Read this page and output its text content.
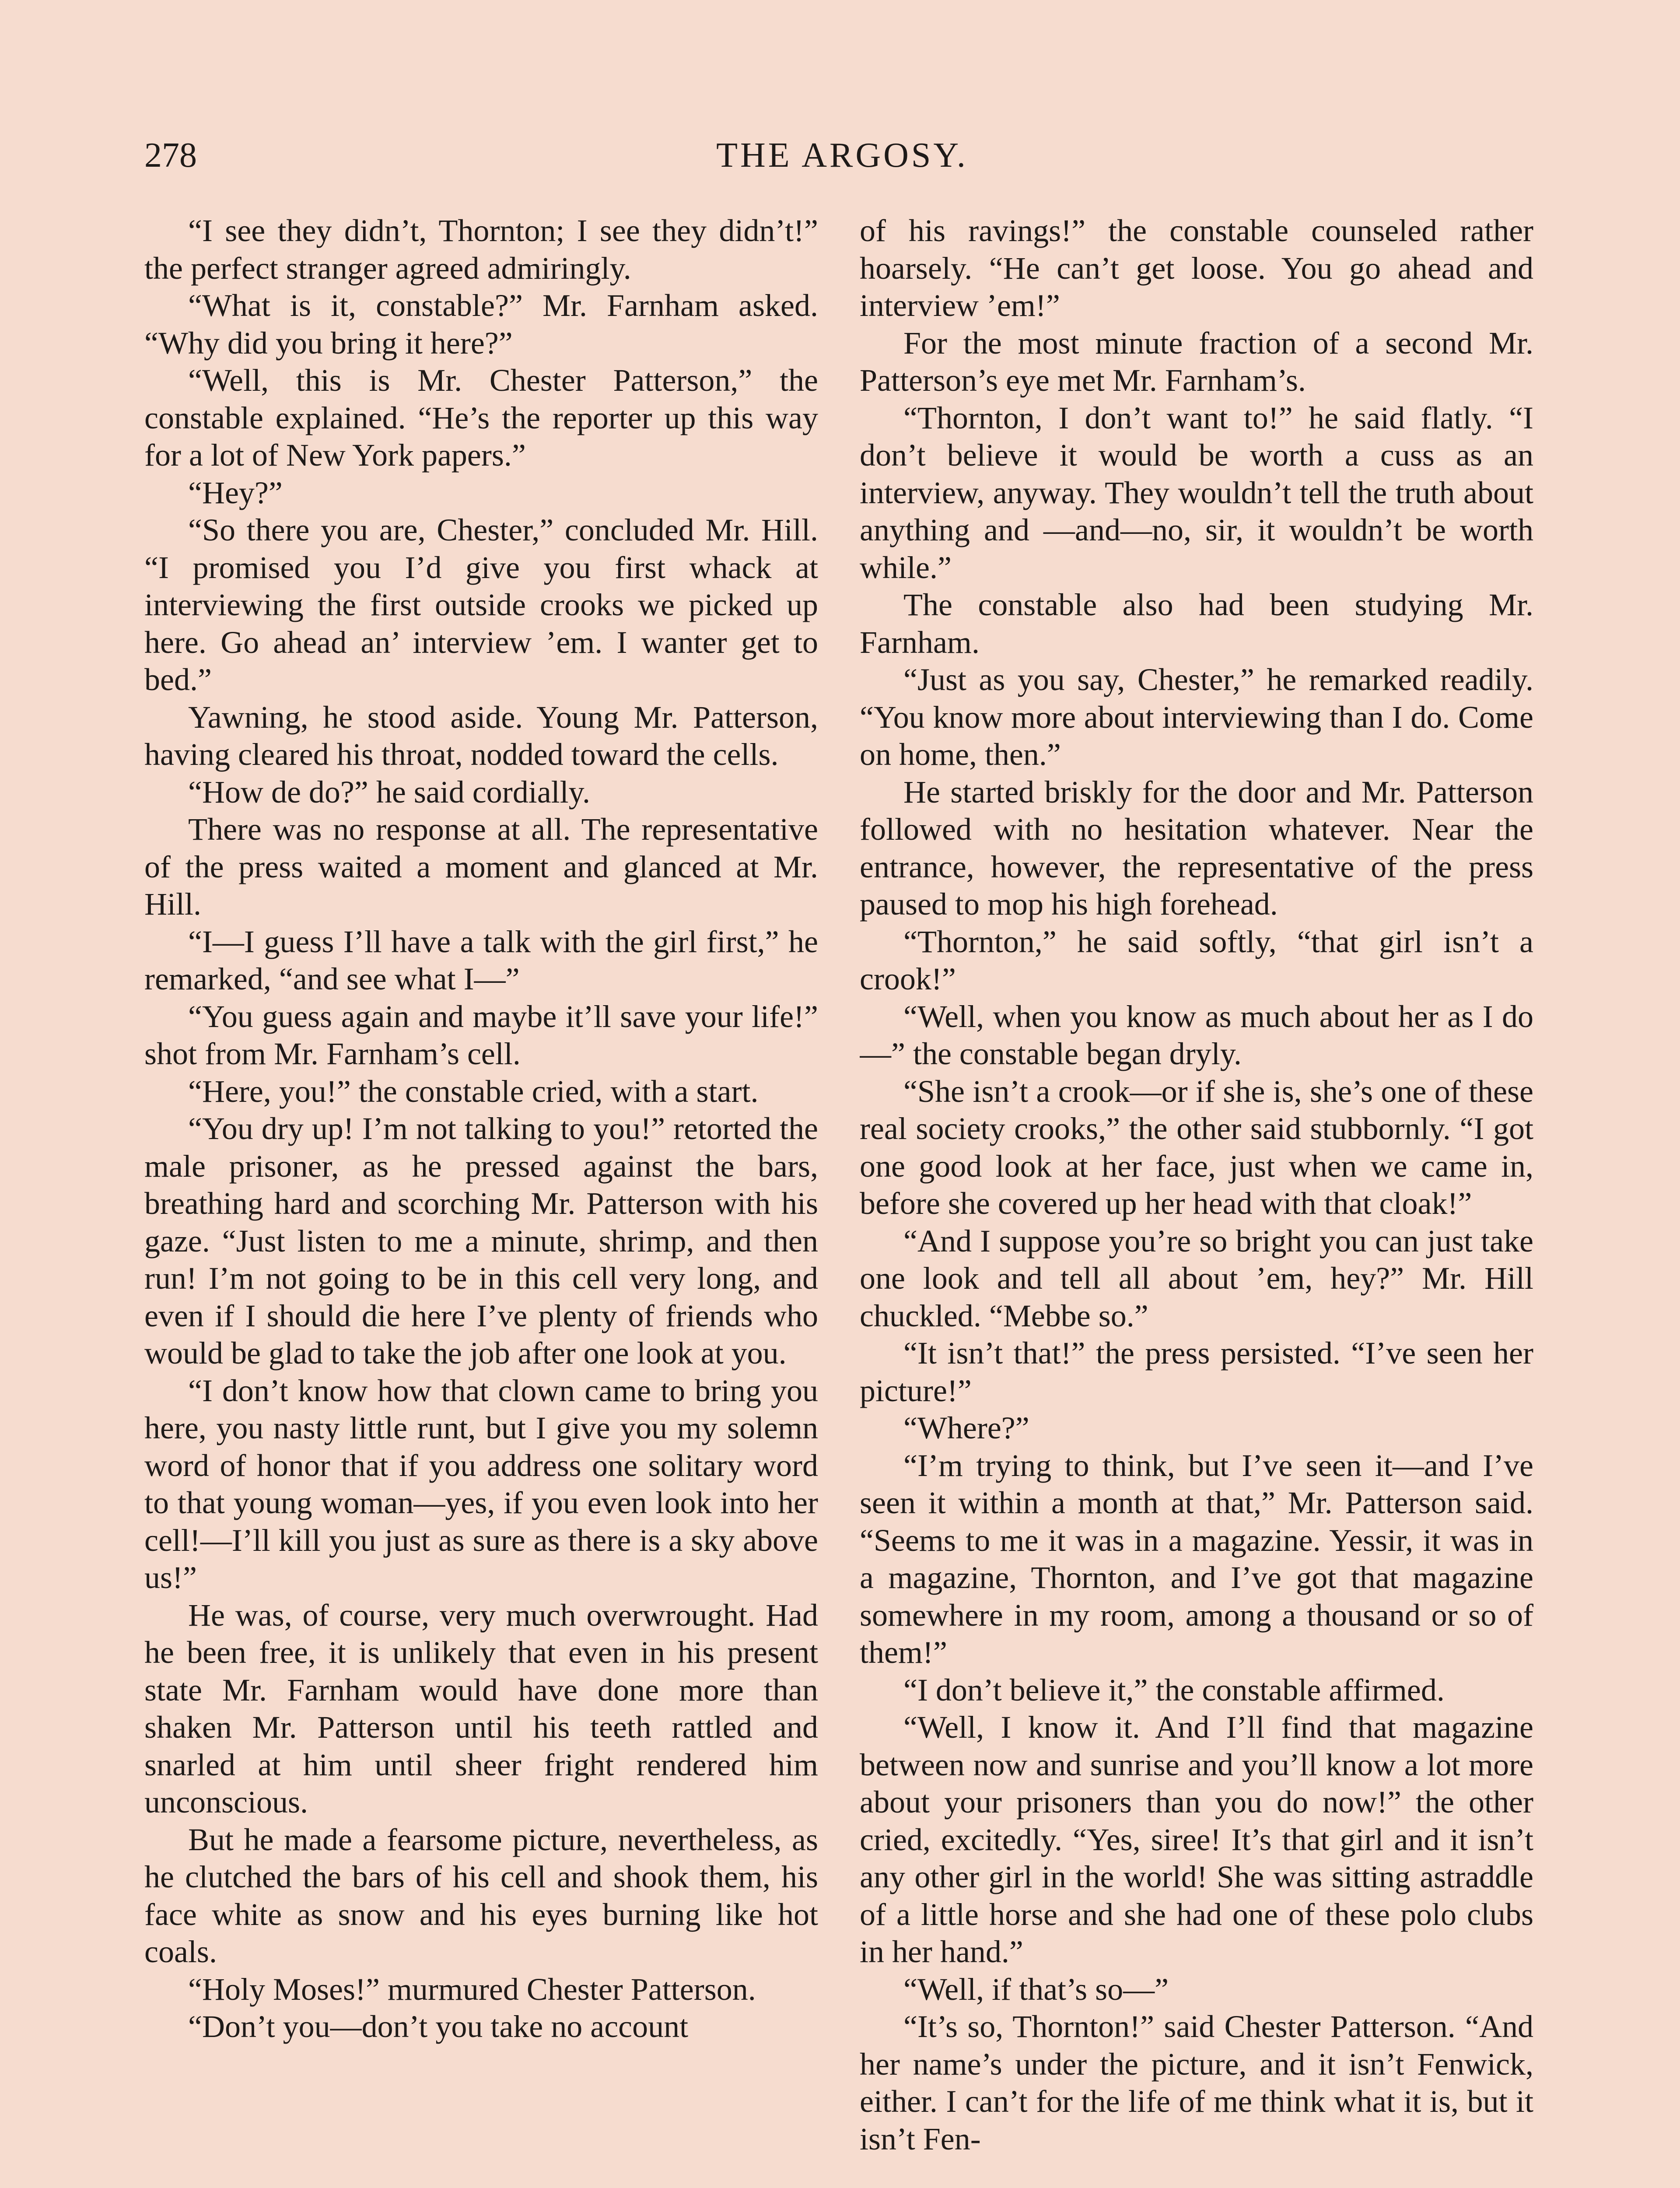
278	THE ARGOSY.

“I see they didn’t, Thornton; I see they didn’t!” the perfect stranger agreed admiringly.

“What is it, constable?” Mr. Farnham asked. “Why did you bring it here?”

“Well, this is Mr. Chester Patterson,” the constable explained. “He’s the reporter up this way for a lot of New York papers.”

“Hey?”

“So there you are, Chester,” concluded Mr. Hill. “I promised you I’d give you first whack at interviewing the first outside crooks we picked up here. Go ahead an’ interview ’em. I wanter get to bed.”

Yawning, he stood aside. Young Mr. Patterson, having cleared his throat, nodded toward the cells.

“How de do?” he said cordially.

There was no response at all. The representative of the press waited a moment and glanced at Mr. Hill.

“I—I guess I’ll have a talk with the girl first,” he remarked, “and see what I—”

“You guess again and maybe it’ll save your life!” shot from Mr. Farnham’s cell.

“Here, you!” the constable cried, with a start.

“You dry up! I’m not talking to you!” retorted the male prisoner, as he pressed against the bars, breathing hard and scorching Mr. Patterson with his gaze. “Just listen to me a minute, shrimp, and then run! I’m not going to be in this cell very long, and even if I should die here I’ve plenty of friends who would be glad to take the job after one look at you.

“I don’t know how that clown came to bring you here, you nasty little runt, but I give you my solemn word of honor that if you address one solitary word to that young woman—yes, if you even look into her cell!—I’ll kill you just as sure as there is a sky above us!”

He was, of course, very much overwrought. Had he been free, it is unlikely that even in his present state Mr. Farnham would have done more than shaken Mr. Patterson until his teeth rattled and snarled at him until sheer fright rendered him unconscious.

But he made a fearsome picture, nevertheless, as he clutched the bars of his cell and shook them, his face white as snow and his eyes burning like hot coals.

“Holy Moses!” murmured Chester Patterson.

“Don’t you—don’t you take no account

of his ravings!” the constable counseled rather hoarsely. “He can’t get loose. You go ahead and interview ’em!”

For the most minute fraction of a second Mr. Patterson’s eye met Mr. Farnham’s.

“Thornton, I don’t want to!” he said flatly. “I don’t believe it would be worth a cuss as an interview, anyway. They wouldn’t tell the truth about anything and —and—no, sir, it wouldn’t be worth while.”

The constable also had been studying Mr. Farnham.

“Just as you say, Chester,” he remarked readily. “You know more about interviewing than I do. Come on home, then.”

He started briskly for the door and Mr. Patterson followed with no hesitation whatever. Near the entrance, however, the representative of the press paused to mop his high forehead.

“Thornton,” he said softly, “that girl isn’t a crook!”

“Well, when you know as much about her as I do—” the constable began dryly.

“She isn’t a crook—or if she is, she’s one of these real society crooks,” the other said stubbornly. “I got one good look at her face, just when we came in, before she covered up her head with that cloak!”

“And I suppose you’re so bright you can just take one look and tell all about ’em, hey?” Mr. Hill chuckled. “Mebbe so.”

“It isn’t that!” the press persisted. “I’ve seen her picture!”

“Where?”

“I’m trying to think, but I’ve seen it—and I’ve seen it within a month at that,” Mr. Patterson said. “Seems to me it was in a magazine. Yessir, it was in a magazine, Thornton, and I’ve got that magazine somewhere in my room, among a thousand or so of them!”

“I don’t believe it,” the constable affirmed.

“Well, I know it. And I’ll find that magazine between now and sunrise and you’ll know a lot more about your prisoners than you do now!” the other cried, excitedly. “Yes, siree! It’s that girl and it isn’t any other girl in the world! She was sitting astraddle of a little horse and she had one of these polo clubs in her hand.”

“Well, if that’s so—”

“It’s so, Thornton!” said Chester Patterson. “And her name’s under the picture, and it isn’t Fenwick, either. I can’t for the life of me think what it is, but it isn’t Fen-
